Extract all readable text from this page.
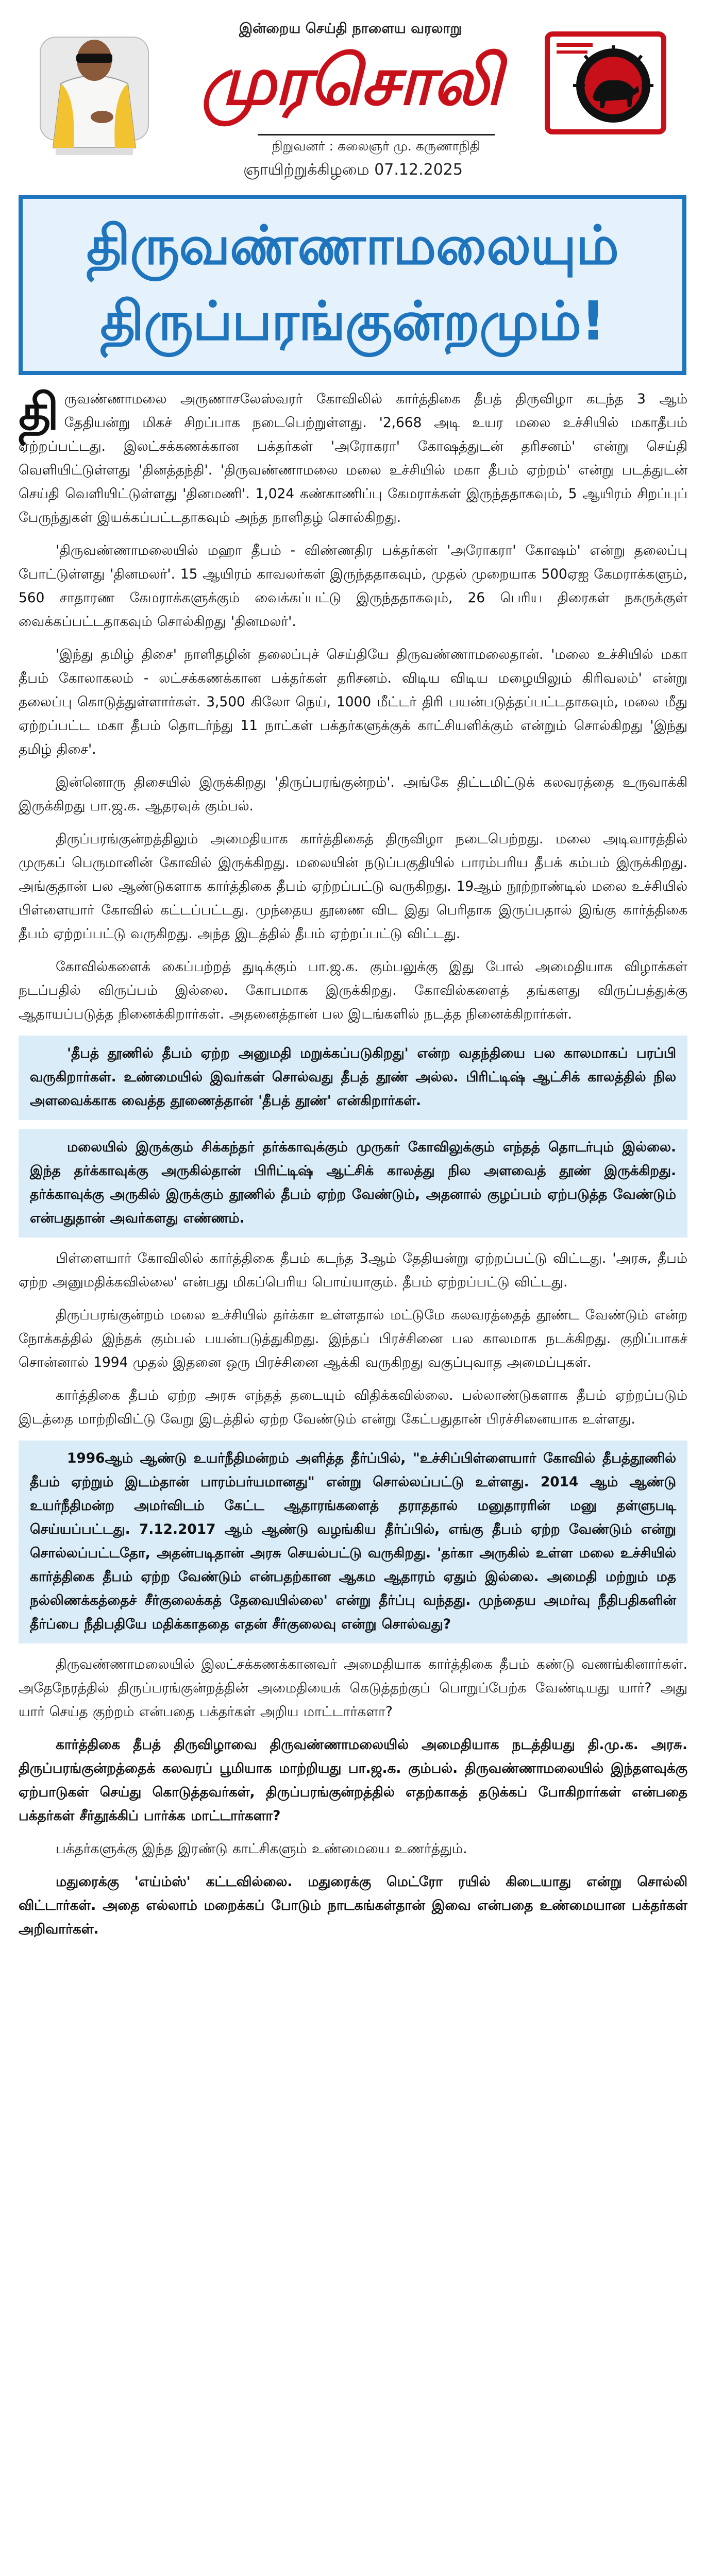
இன்றைய செய்தி நாளைய வரலாறு
முரசொலி
நிறுவனர் : கலைஞர் மு. கருணாநிதி
ஞாயிற்றுக்கிழமை 07.12.2025
திருவண்ணாமலையும்
திருப்பரங்குன்றமும்!

திருவண்ணாமலை அருணாசலேஸ்வரர் கோவிலில் கார்த்திகை தீபத் திருவிழா கடந்த 3 ஆம் தேதியன்று மிகச் சிறப்பாக நடைபெற்றுள்ளது. '2,668 அடி உயர மலை உச்சியில் மகாதீபம் ஏற்றப்பட்டது. இலட்சக்கணக்கான பக்தர்கள் 'அரோகரா' கோஷத்துடன் தரிசனம்' என்று செய்தி வெளியிட்டுள்ளது 'தினத்தந்தி'. 'திருவண்ணாமலை மலை உச்சியில் மகா தீபம் ஏற்றம்' என்று படத்துடன் செய்தி வெளியிட்டுள்ளது 'தினமணி'. 1,024 கண்காணிப்பு கேமராக்கள் இருந்ததாகவும், 5 ஆயிரம் சிறப்புப் பேருந்துகள் இயக்கப்பட்டதாகவும் அந்த நாளிதழ் சொல்கிறது.

'திருவண்ணாமலையில் மஹா தீபம் - விண்ணதிர பக்தர்கள் 'அரோகரா' கோஷம்' என்று தலைப்பு போட்டுள்ளது 'தினமலர்'. 15 ஆயிரம் காவலர்கள் இருந்ததாகவும், முதல் முறையாக 500ஏஐ கேமராக்களும், 560 சாதாரண கேமராக்களுக்கும் வைக்கப்பட்டு இருந்ததாகவும், 26 பெரிய திரைகள் நகருக்குள் வைக்கப்பட்டதாகவும் சொல்கிறது 'தினமலர்'.

'இந்து தமிழ் திசை' நாளிதழின் தலைப்புச் செய்தியே திருவண்ணாமலைதான். 'மலை உச்சியில் மகா தீபம் கோலாகலம் - லட்சக்கணக்கான பக்தர்கள் தரிசனம். விடிய விடிய மழையிலும் கிரிவலம்' என்று தலைப்பு கொடுத்துள்ளார்கள். 3,500 கிலோ நெய், 1000 மீட்டர் திரி பயன்படுத்தப்பட்டதாகவும், மலை மீது ஏற்றப்பட்ட மகா தீபம் தொடர்ந்து 11 நாட்கள் பக்தர்களுக்குக் காட்சியளிக்கும் என்றும் சொல்கிறது 'இந்து தமிழ் திசை'.

இன்னொரு திசையில் இருக்கிறது 'திருப்பரங்குன்றம்'. அங்கே திட்டமிட்டுக் கலவரத்தை உருவாக்கி இருக்கிறது பா.ஜ.க. ஆதரவுக் கும்பல்.

திருப்பரங்குன்றத்திலும் அமைதியாக கார்த்திகைத் திருவிழா நடைபெற்றது. மலை அடிவாரத்தில் முருகப் பெருமானின் கோவில் இருக்கிறது. மலையின் நடுப்பகுதியில் பாரம்பரிய தீபக் கம்பம் இருக்கிறது. அங்குதான் பல ஆண்டுகளாக கார்த்திகை தீபம் ஏற்றப்பட்டு வருகிறது. 19ஆம் நூற்றாண்டில் மலை உச்சியில் பிள்ளையார் கோவில் கட்டப்பட்டது. முந்தைய தூணை விட இது பெரிதாக இருப்பதால் இங்கு கார்த்திகை தீபம் ஏற்றப்பட்டு வருகிறது. அந்த இடத்தில் தீபம் ஏற்றப்பட்டு விட்டது.

கோவில்களைக் கைப்பற்றத் துடிக்கும் பா.ஜ.க. கும்பலுக்கு இது போல் அமைதியாக விழாக்கள் நடப்பதில் விருப்பம் இல்லை. கோபமாக இருக்கிறது. கோவில்களைத் தங்களது விருப்பத்துக்கு ஆதாயப்படுத்த நினைக்கிறார்கள். அதனைத்தான் பல இடங்களில் நடத்த நினைக்கிறார்கள்.

'தீபத் தூணில் தீபம் ஏற்ற அனுமதி மறுக்கப்படுகிறது' என்ற வதந்தியை பல காலமாகப் பரப்பி வருகிறார்கள். உண்மையில் இவர்கள் சொல்வது தீபத் தூண் அல்ல. பிரிட்டிஷ் ஆட்சிக் காலத்தில் நில அளவைக்காக வைத்த தூணைத்தான் 'தீபத் தூண்' என்கிறார்கள்.

மலையில் இருக்கும் சிக்கந்தர் தர்க்காவுக்கும் முருகர் கோவிலுக்கும் எந்தத் தொடர்பும் இல்லை. இந்த தர்க்காவுக்கு அருகில்தான் பிரிட்டிஷ் ஆட்சிக் காலத்து நில அளவைத் தூண் இருக்கிறது. தர்க்காவுக்கு அருகில் இருக்கும் தூணில் தீபம் ஏற்ற வேண்டும், அதனால் குழப்பம் ஏற்படுத்த வேண்டும் என்பதுதான் அவர்களது எண்ணம்.

பிள்ளையார் கோவிலில் கார்த்திகை தீபம் கடந்த 3ஆம் தேதியன்று ஏற்றப்பட்டு விட்டது. 'அரசு, தீபம் ஏற்ற அனுமதிக்கவில்லை' என்பது மிகப்பெரிய பொய்யாகும். தீபம் ஏற்றப்பட்டு விட்டது.

திருப்பரங்குன்றம் மலை உச்சியில் தர்க்கா உள்ளதால் மட்டுமே கலவரத்தைத் தூண்ட வேண்டும் என்ற நோக்கத்தில் இந்தக் கும்பல் பயன்படுத்துகிறது. இந்தப் பிரச்சினை பல காலமாக நடக்கிறது. குறிப்பாகச் சொன்னால் 1994 முதல் இதனை ஒரு பிரச்சினை ஆக்கி வருகிறது வகுப்புவாத அமைப்புகள்.

கார்த்திகை தீபம் ஏற்ற அரசு எந்தத் தடையும் விதிக்கவில்லை. பல்லாண்டுகளாக தீபம் ஏற்றப்படும் இடத்தை மாற்றிவிட்டு வேறு இடத்தில் ஏற்ற வேண்டும் என்று கேட்பதுதான் பிரச்சினையாக உள்ளது.

1996ஆம் ஆண்டு உயர்நீதிமன்றம் அளித்த தீர்ப்பில், "உச்சிப்பிள்ளையார் கோவில் தீபத்தூணில் தீபம் ஏற்றும் இடம்தான் பாரம்பர்யமானது" என்று சொல்லப்பட்டு உள்ளது. 2014 ஆம் ஆண்டு உயர்நீதிமன்ற அமர்விடம் கேட்ட ஆதாரங்களைத் தராததால் மனுதாரரின் மனு தள்ளுபடி செய்யப்பட்டது. 7.12.2017 ஆம் ஆண்டு வழங்கிய தீர்ப்பில், எங்கு தீபம் ஏற்ற வேண்டும் என்று சொல்லப்பட்டதோ, அதன்படிதான் அரசு செயல்பட்டு வருகிறது. 'தர்கா அருகில் உள்ள மலை உச்சியில் கார்த்திகை தீபம் ஏற்ற வேண்டும் என்பதற்கான ஆகம ஆதாரம் ஏதும் இல்லை. அமைதி மற்றும் மத நல்லிணக்கத்தைச் சீர்குலைக்கத் தேவையில்லை' என்று தீர்ப்பு வந்தது. முந்தைய அமர்வு நீதிபதிகளின் தீர்ப்பை நீதிபதியே மதிக்காததை எதன் சீர்குலைவு என்று சொல்வது?

திருவண்ணாமலையில் இலட்சக்கணக்கானவர் அமைதியாக கார்த்திகை தீபம் கண்டு வணங்கினார்கள். அதேநேரத்தில் திருப்பரங்குன்றத்தின் அமைதியைக் கெடுத்தற்குப் பொறுப்பேற்க வேண்டியது யார்? அது யார் செய்த குற்றம் என்பதை பக்தர்கள் அறிய மாட்டார்களா?

கார்த்திகை தீபத் திருவிழாவை திருவண்ணாமலையில் அமைதியாக நடத்தியது தி.மு.க. அரசு. திருப்பரங்குன்றத்தைக் கலவரப் பூமியாக மாற்றியது பா.ஜ.க. கும்பல். திருவண்ணாமலையில் இந்தளவுக்கு ஏற்பாடுகள் செய்து கொடுத்தவர்கள், திருப்பரங்குன்றத்தில் எதற்காகத் தடுக்கப் போகிறார்கள் என்பதை பக்தர்கள் சீர்தூக்கிப் பார்க்க மாட்டார்களா?

பக்தர்களுக்கு இந்த இரண்டு காட்சிகளும் உண்மையை உணர்த்தும்.

மதுரைக்கு 'எய்ம்ஸ்' கட்டவில்லை. மதுரைக்கு மெட்ரோ ரயில் கிடையாது என்று சொல்லி விட்டார்கள். அதை எல்லாம் மறைக்கப் போடும் நாடகங்கள்தான் இவை என்பதை உண்மையான பக்தர்கள் அறிவார்கள்.
